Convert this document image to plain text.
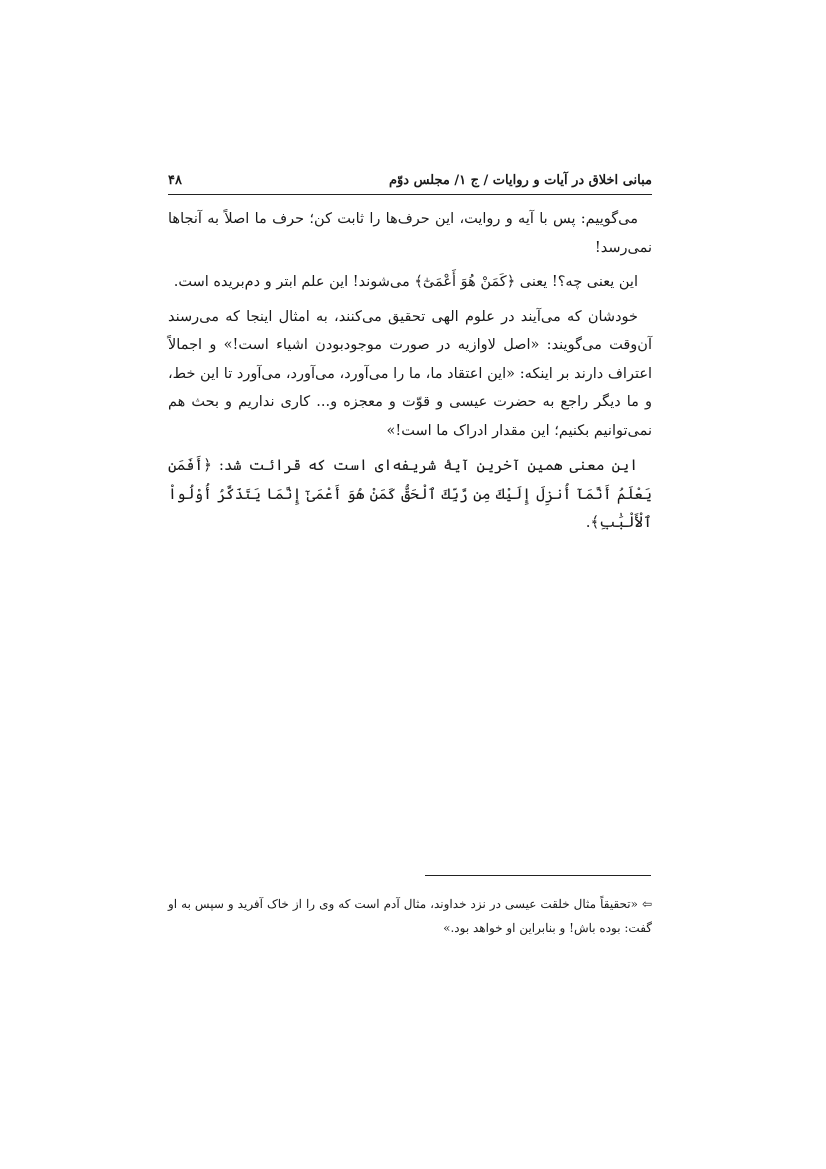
مبانی اخلاق در آیات و روایات / ج ۱/ مجلس دوّم
۴۸

می‌گوییم: پس با آیه و روایت، این حرف‌ها را ثابت کن؛ حرف ما اصلاً به آنجاها نمی‌رسد!

این یعنی چه؟! یعنی ﴿كَمَنْ هُوَ أَعْمَىٰٓ﴾ می‌شوند! این علم ابتر و دم‌بریده است.

خودشان که می‌آیند در علوم الهی تحقیق می‌کنند، به امثال اینجا که می‌رسند آن‌وقت می‌گویند: «اصل لاوازیه در صورت موجودبودن اشیاء است!» و اجمالاً اعتراف دارند بر اینکه: «این اعتقاد ما، ما را می‌آورد، می‌آورد، می‌آورد تا این خط، و ما دیگر راجع به حضرت عیسی و قوّت و معجزه و... کاری نداریم و بحث هم نمی‌توانیم بکنیم؛ این مقدار ادراک ما است!»

این معنی همین آخرین آیهٔ شریفه‌ای است که قرائت شد: ﴿أَفَمَن يَعْلَمُ أَنَّمَآ أُنزِلَ إِلَيْكَ مِن رَّبِّكَ ٱلْحَقُّ كَمَنْ هُوَ أَعْمَىٰٓ إِنَّمَا يَتَذَكَّرُ أُوْلُواْ ٱلْأَلْبَٰبِ﴾.

⇦«تحقیقاً مثال خلقت عیسی در نزد خداوند، مثال آدم است که وی را از خاک آفرید و سپس به او گفت: بوده باش! و بنابراین او خواهد بود.»
